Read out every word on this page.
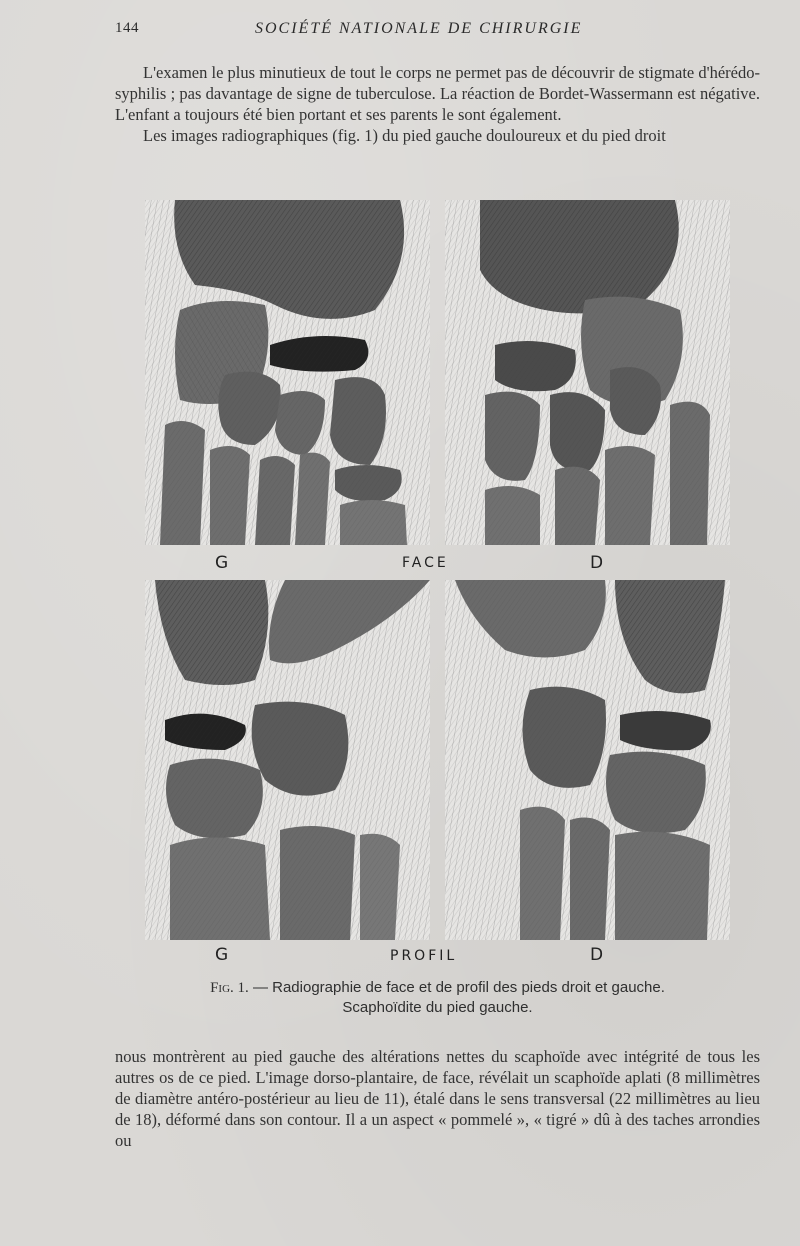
144	SOCIÉTÉ NATIONALE DE CHIRURGIE

L'examen le plus minutieux de tout le corps ne permet pas de découvrir de stigmate d'hérédo-syphilis ; pas davantage de signe de tuberculose. La réaction de Bordet-Wassermann est négative. L'enfant a toujours été bien portant et ses parents le sont également.

Les images radiographiques (fig. 1) du pied gauche douloureux et du pied droit

G	FACE	D
G	PROFIL	D
Fig. 1. — Radiographie de face et de profil des pieds droit et gauche.
Scaphoïdite du pied gauche.

nous montrèrent au pied gauche des altérations nettes du scaphoïde avec intégrité de tous les autres os de ce pied. L'image dorso-plantaire, de face, révélait un scaphoïde aplati (8 millimètres de diamètre antéro-postérieur au lieu de 11), étalé dans le sens transversal (22 millimètres au lieu de 18), déformé dans son contour. Il a un aspect « pommelé », « tigré » dû à des taches arrondies ou
